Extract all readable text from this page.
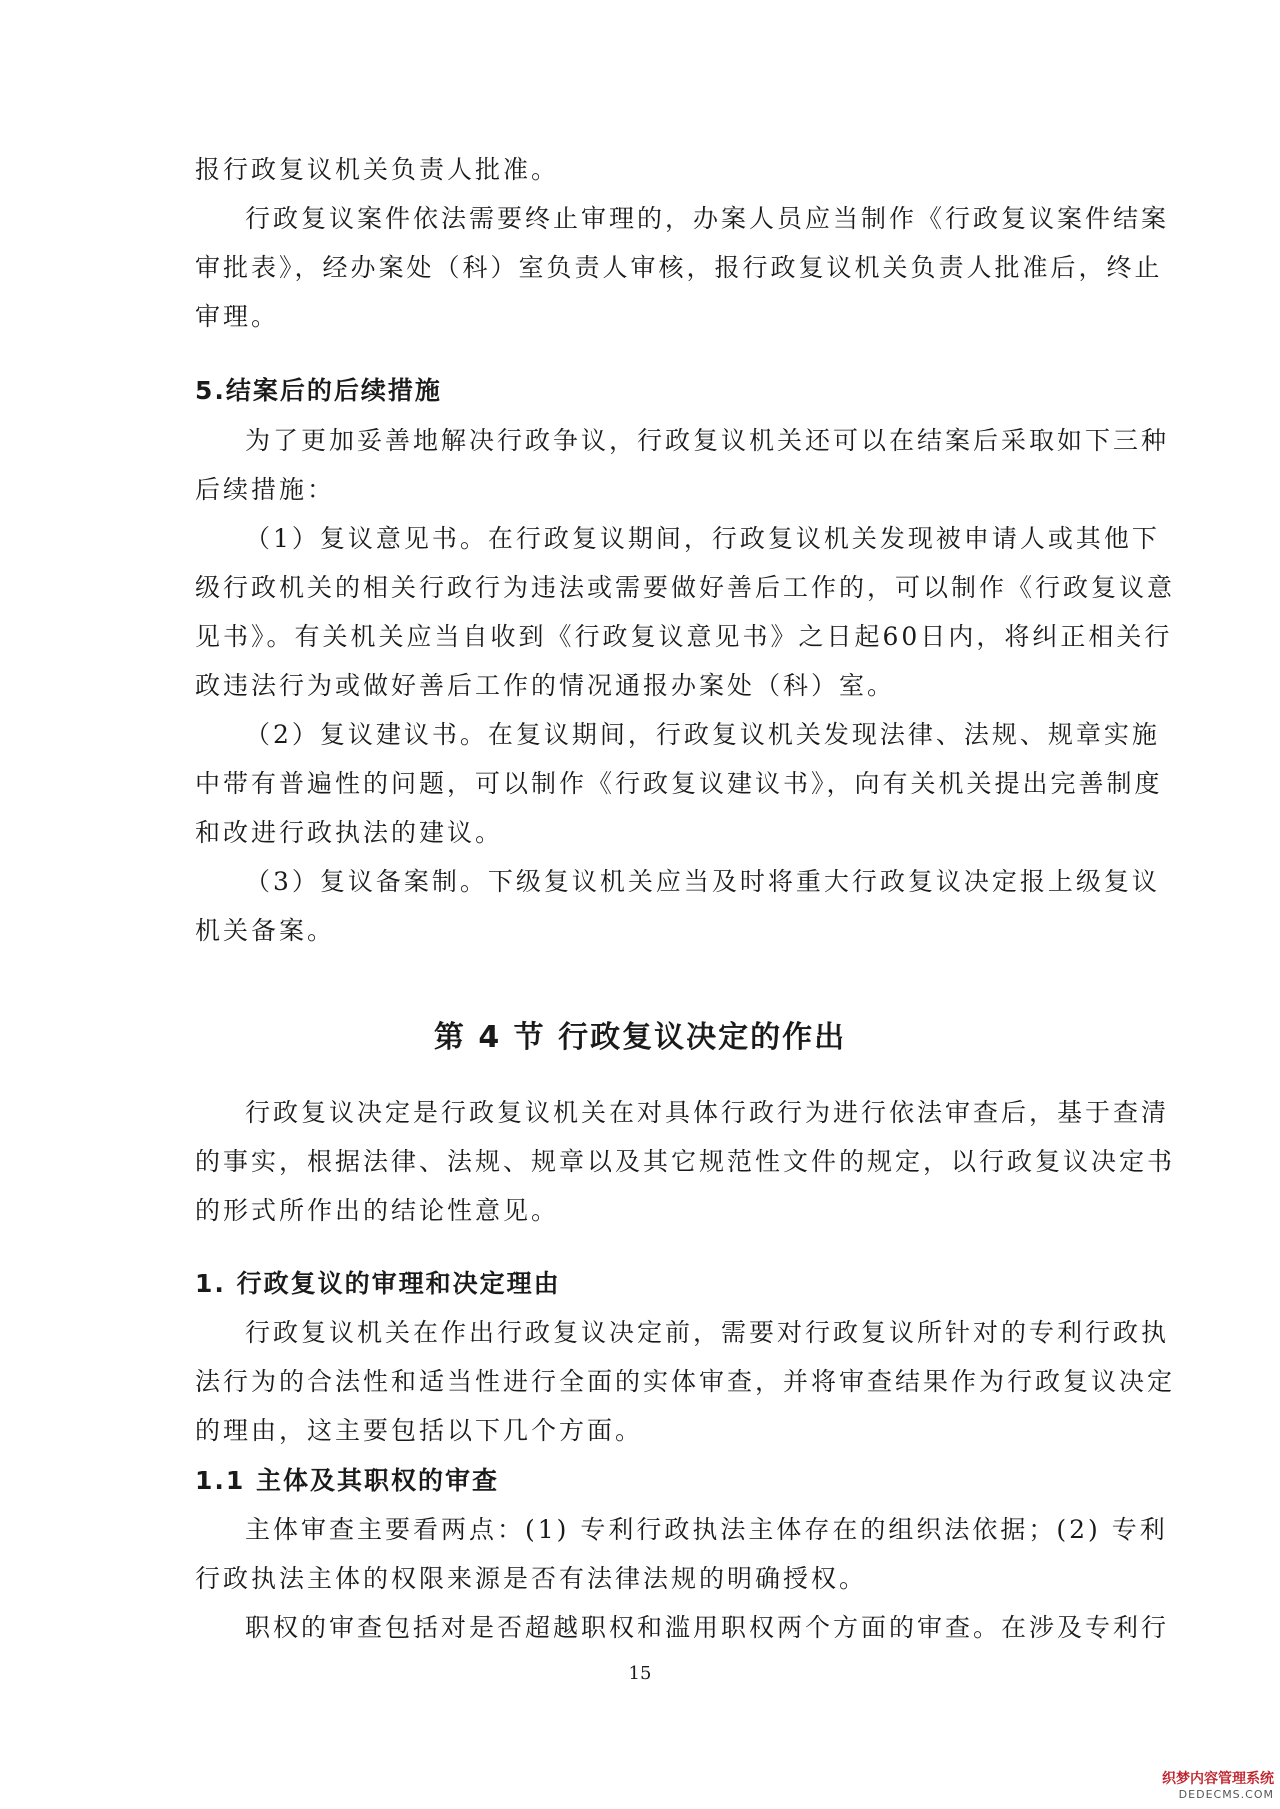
报行政复议机关负责人批准。
行政复议案件依法需要终止审理的，办案人员应当制作《行政复议案件结案
审批表》，经办案处（科）室负责人审核，报行政复议机关负责人批准后，终止
审理。
5.结案后的后续措施
为了更加妥善地解决行政争议，行政复议机关还可以在结案后采取如下三种
后续措施：
（1）复议意见书。在行政复议期间，行政复议机关发现被申请人或其他下
级行政机关的相关行政行为违法或需要做好善后工作的，可以制作《行政复议意
见书》。有关机关应当自收到《行政复议意见书》之日起60日内，将纠正相关行
政违法行为或做好善后工作的情况通报办案处（科）室。
（2）复议建议书。在复议期间，行政复议机关发现法律、法规、规章实施
中带有普遍性的问题，可以制作《行政复议建议书》，向有关机关提出完善制度
和改进行政执法的建议。
（3）复议备案制。下级复议机关应当及时将重大行政复议决定报上级复议
机关备案。
第 4 节 行政复议决定的作出
行政复议决定是行政复议机关在对具体行政行为进行依法审查后，基于查清
的事实，根据法律、法规、规章以及其它规范性文件的规定，以行政复议决定书
的形式所作出的结论性意见。
1. 行政复议的审理和决定理由
行政复议机关在作出行政复议决定前，需要对行政复议所针对的专利行政执
法行为的合法性和适当性进行全面的实体审查，并将审查结果作为行政复议决定
的理由，这主要包括以下几个方面。
1.1 主体及其职权的审查
主体审查主要看两点：(1) 专利行政执法主体存在的组织法依据；(2) 专利
行政执法主体的权限来源是否有法律法规的明确授权。
职权的审查包括对是否超越职权和滥用职权两个方面的审查。在涉及专利行
15
织梦内容管理系统
DEDECMS.COM
